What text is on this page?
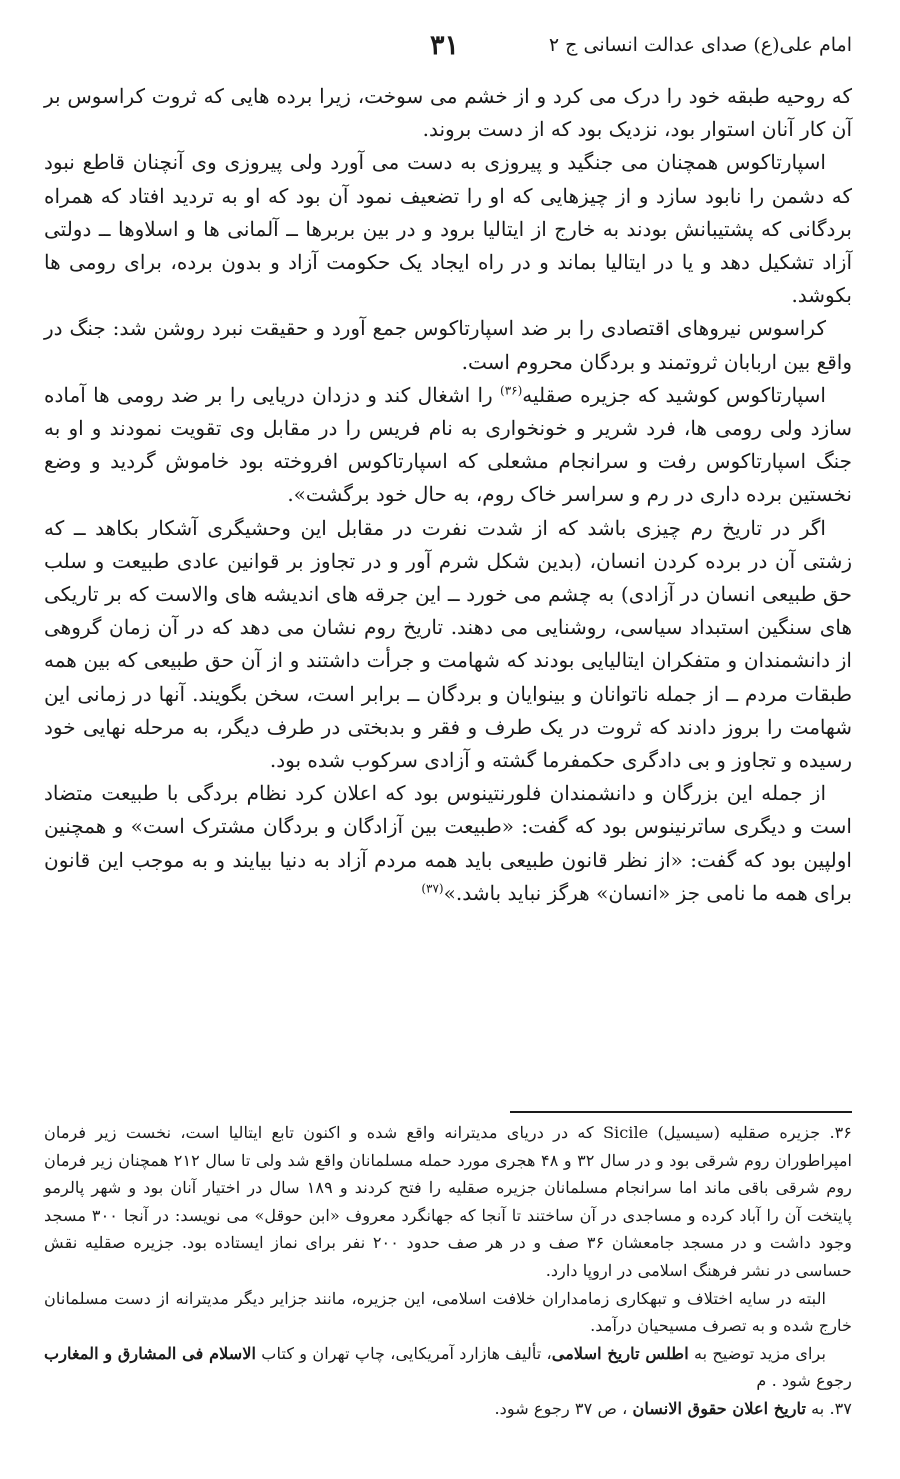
امام علی(ع) صدای عدالت انسانی ج ۲
۳۱

که روحیه طبقه خود را درک می کرد و از خشم می سوخت، زیرا برده هایی که ثروت کراسوس بر آن کار آنان استوار بود، نزدیک بود که از دست بروند.

اسپارتاکوس همچنان می جنگید و پیروزی به دست می آورد ولی پیروزی وی آنچنان قاطع نبود که دشمن را نابود سازد و از چیزهایی که او را تضعیف نمود آن بود که او به تردید افتاد که همراه بردگانی که پشتیبانش بودند به خارج از ایتالیا برود و در بین بربرها ــ آلمانی ها و اسلاوها ــ دولتی آزاد تشکیل دهد و یا در ایتالیا بماند و در راه ایجاد یک حکومت آزاد و بدون برده، برای رومی ها بکوشد.

کراسوس نیروهای اقتصادی را بر ضد اسپارتاکوس جمع آورد و حقیقت نبرد روشن شد: جنگ در واقع بین اربابان ثروتمند و بردگان محروم است.

اسپارتاکوس کوشید که جزیره صقلیه$^{(۳۶)}$ را اشغال کند و دزدان دریایی را بر ضد رومی ها آماده سازد ولی رومی ها، فرد شریر و خونخواری به نام فریس را در مقابل وی تقویت نمودند و او به جنگ اسپارتاکوس رفت و سرانجام مشعلی که اسپارتاکوس افروخته بود خاموش گردید و وضع نخستین برده داری در رم و سراسر خاک روم، به حال خود برگشت».

اگر در تاریخ رم چیزی باشد که از شدت نفرت در مقابل این وحشیگری آشکار بکاهد ــ که زشتی آن در برده کردن انسان، (بدین شکل شرم آور و در تجاوز بر قوانین عادی طبیعت و سلب حق طبیعی انسان در آزادی) به چشم می خورد ــ این جرقه های اندیشه های والاست که بر تاریکی های سنگین استبداد سیاسی، روشنایی می دهند. تاریخ روم نشان می دهد که در آن زمان گروهی از دانشمندان و متفکران ایتالیایی بودند که شهامت و جرأت داشتند و از آن حق طبیعی که بین همه طبقات مردم ــ از جمله ناتوانان و بینوایان و بردگان ــ برابر است، سخن بگویند. آنها در زمانی این شهامت را بروز دادند که ثروت در یک طرف و فقر و بدبختی در طرف دیگر، به مرحله نهایی خود رسیده و تجاوز و بی دادگری حکمفرما گشته و آزادی سرکوب شده بود.

از جمله این بزرگان و دانشمندان فلورنتینوس بود که اعلان کرد نظام بردگی با طبیعت متضاد است و دیگری ساترنینوس بود که گفت: «طبیعت بین آزادگان و بردگان مشترک است» و همچنین اولپین بود که گفت: «از نظر قانون طبیعی باید همه مردم آزاد به دنیا بیایند و به موجب این قانون برای همه ما نامی جز «انسان» هرگز نباید باشد.»$^{(۳۷)}$

۳۶. جزیره صقلیه (سیسیل) Sicile که در دریای مدیترانه واقع شده و اکنون تابع ایتالیا است، نخست زیر فرمان امپراطوران روم شرقی بود و در سال ۳۲ و ۴۸ هجری مورد حمله مسلمانان واقع شد ولی تا سال ۲۱۲ همچنان زیر فرمان روم شرقی باقی ماند اما سرانجام مسلمانان جزیره صقلیه را فتح کردند و ۱۸۹ سال در اختیار آنان بود و شهر پالرمو پایتخت آن را آباد کرده و مساجدی در آن ساختند تا آنجا که جهانگرد معروف «ابن حوقل» می نویسد: در آنجا ۳۰۰ مسجد وجود داشت و در مسجد جامعشان ۳۶ صف و در هر صف حدود ۲۰۰ نفر برای نماز ایستاده بود. جزیره صقلیه نقش حساسی در نشر فرهنگ اسلامی در اروپا دارد.

البته در سایه اختلاف و تبهکاری زمامداران خلافت اسلامی، این جزیره، مانند جزایر دیگر مدیترانه از دست مسلمانان خارج شده و به تصرف مسیحیان درآمد.

برای مزید توضیح به اطلس تاریخ اسلامی، تألیف هازارد آمریکایی، چاپ تهران و کتاب الاسلام فی المشارق و المغارب رجوع شود . م

۳۷. به تاریخ اعلان حقوق الانسان ، ص ۳۷ رجوع شود.
